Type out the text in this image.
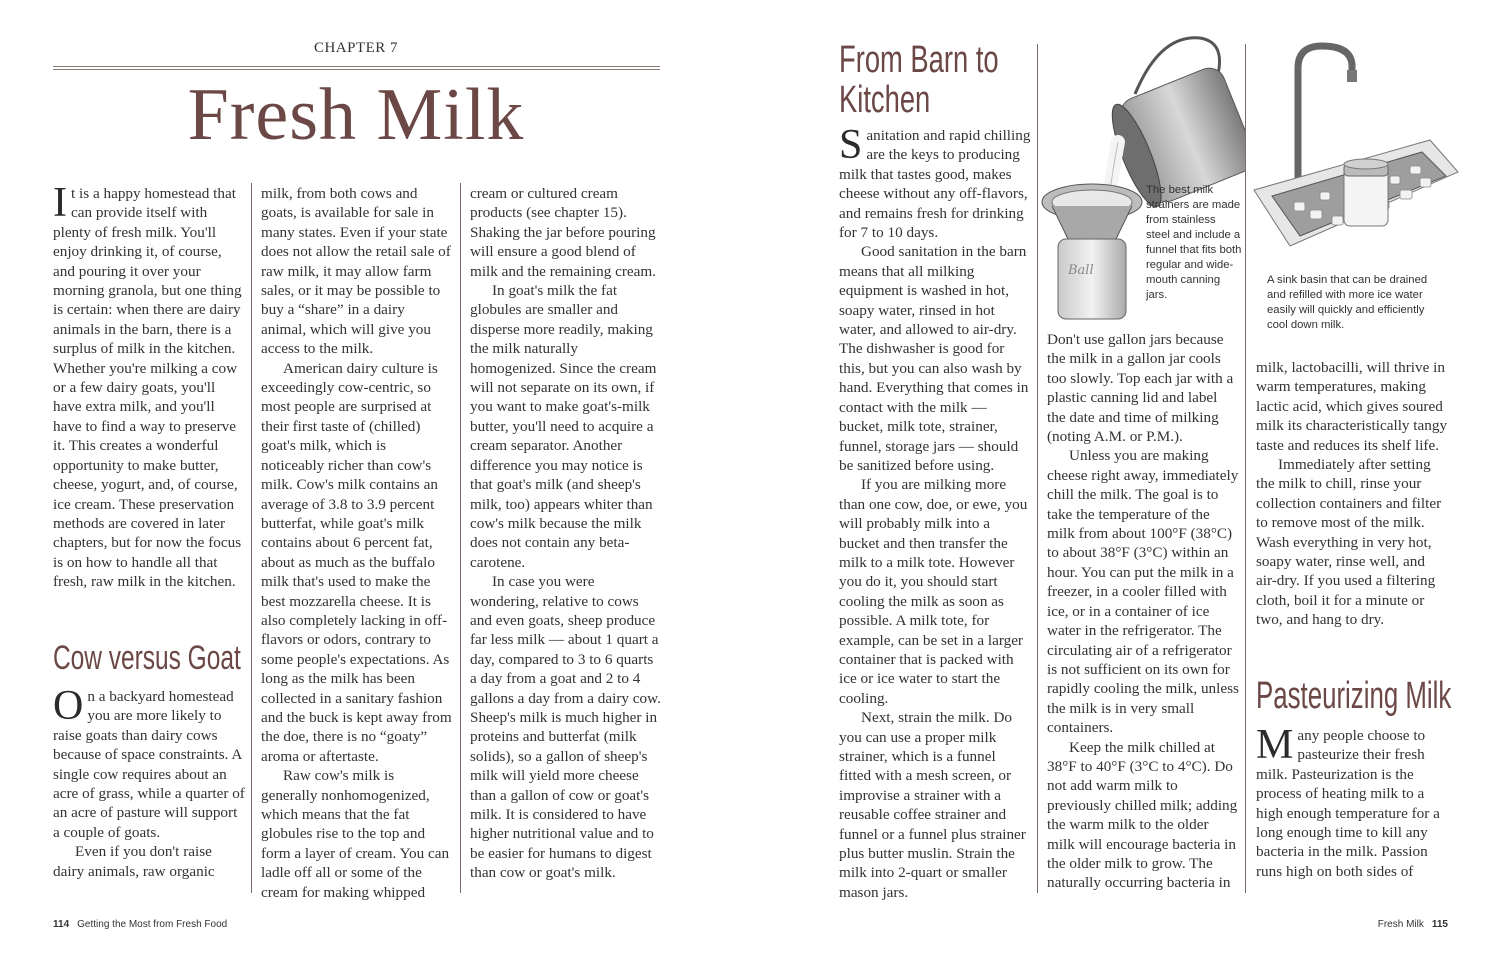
CHAPTER 7
Fresh Milk

It is a happy homestead that can provide itself with plenty of fresh milk. You'll enjoy drinking it, of course, and pouring it over your morning granola, but one thing is certain: when there are dairy animals in the barn, there is a surplus of milk in the kitchen. Whether you're milking a cow or a few dairy goats, you'll have extra milk, and you'll have to find a way to preserve it. This creates a wonderful opportunity to make butter, cheese, yogurt, and, of course, ice cream. These preservation methods are covered in later chapters, but for now the focus is on how to handle all that fresh, raw milk in the kitchen.

Cow versus Goat

On a backyard homestead you are more likely to raise goats than dairy cows because of space constraints. A single cow requires about an acre of grass, while a quarter of an acre of pasture will support a couple of goats.

Even if you don't raise dairy animals, raw organic

milk, from both cows and goats, is available for sale in many states. Even if your state does not allow the retail sale of raw milk, it may allow farm sales, or it may be possible to buy a “share” in a dairy animal, which will give you access to the milk.

American dairy culture is exceedingly cow-centric, so most people are surprised at their first taste of (chilled) goat's milk, which is noticeably richer than cow's milk. Cow's milk contains an average of 3.8 to 3.9 percent butterfat, while goat's milk contains about 6 percent fat, about as much as the buffalo milk that's used to make the best mozzarella cheese. It is also completely lacking in off-flavors or odors, contrary to some people's expectations. As long as the milk has been collected in a sanitary fashion and the buck is kept away from the doe, there is no “goaty” aroma or aftertaste.

Raw cow's milk is generally nonhomogenized, which means that the fat globules rise to the top and form a layer of cream. You can ladle off all or some of the cream for making whipped

cream or cultured cream products (see chapter 15). Shaking the jar before pouring will ensure a good blend of milk and the remaining cream.

In goat's milk the fat globules are smaller and disperse more readily, making the milk naturally homogenized. Since the cream will not separate on its own, if you want to make goat's-milk butter, you'll need to acquire a cream separator. Another difference you may notice is that goat's milk (and sheep's milk, too) appears whiter than cow's milk because the milk does not contain any beta-carotene.

In case you were wondering, relative to cows and even goats, sheep produce far less milk — about 1 quart a day, compared to 3 to 6 quarts a day from a goat and 2 to 4 gallons a day from a dairy cow. Sheep's milk is much higher in proteins and butterfat (milk solids), so a gallon of sheep's milk will yield more cheese than a gallon of cow or goat's milk. It is considered to have higher nutritional value and to be easier for humans to digest than cow or goat's milk.

114 Getting the Most from Fresh Food
From Barn to
Kitchen

Sanitation and rapid chilling are the keys to producing milk that tastes good, makes cheese without any off-flavors, and remains fresh for drinking for 7 to 10 days.

Good sanitation in the barn means that all milking equipment is washed in hot, soapy water, rinsed in hot water, and allowed to air-dry. The dishwasher is good for this, but you can also wash by hand. Everything that comes in contact with the milk — bucket, milk tote, strainer, funnel, storage jars — should be sanitized before using.

If you are milking more than one cow, doe, or ewe, you will probably milk into a bucket and then transfer the milk to a milk tote. However you do it, you should start cooling the milk as soon as possible. A milk tote, for example, can be set in a larger container that is packed with ice or ice water to start the cooling.

Next, strain the milk. Do you can use a proper milk strainer, which is a funnel fitted with a mesh screen, or improvise a strainer with a reusable coffee strainer and funnel or a funnel plus strainer plus butter muslin. Strain the milk into 2-quart or smaller mason jars.

Ball
The best milk strainers are made from stainless steel and include a funnel that fits both regular and wide-mouth canning jars.

Don't use gallon jars because the milk in a gallon jar cools too slowly. Top each jar with a plastic canning lid and label the date and time of milking (noting A.M. or P.M.).

Unless you are making cheese right away, immediately chill the milk. The goal is to take the temperature of the milk from about 100°F (38°C) to about 38°F (3°C) within an hour. You can put the milk in a freezer, in a cooler filled with ice, or in a container of ice water in the refrigerator. The circulating air of a refrigerator is not sufficient on its own for rapidly cooling the milk, unless the milk is in very small containers.

Keep the milk chilled at 38°F to 40°F (3°C to 4°C). Do not add warm milk to previously chilled milk; adding the warm milk to the older milk will encourage bacteria in the older milk to grow. The naturally occurring bacteria in

A sink basin that can be drained and refilled with more ice water easily will quickly and efficiently cool down milk.

milk, lactobacilli, will thrive in warm temperatures, making lactic acid, which gives soured milk its characteristically tangy taste and reduces its shelf life.

Immediately after setting the milk to chill, rinse your collection containers and filter to remove most of the milk. Wash everything in very hot, soapy water, rinse well, and air-dry. If you used a filtering cloth, boil it for a minute or two, and hang to dry.

Pasteurizing Milk

Many people choose to pasteurize their fresh milk. Pasteurization is the process of heating milk to a high enough temperature for a long enough time to kill any bacteria in the milk. Passion runs high on both sides of

Fresh Milk 115
